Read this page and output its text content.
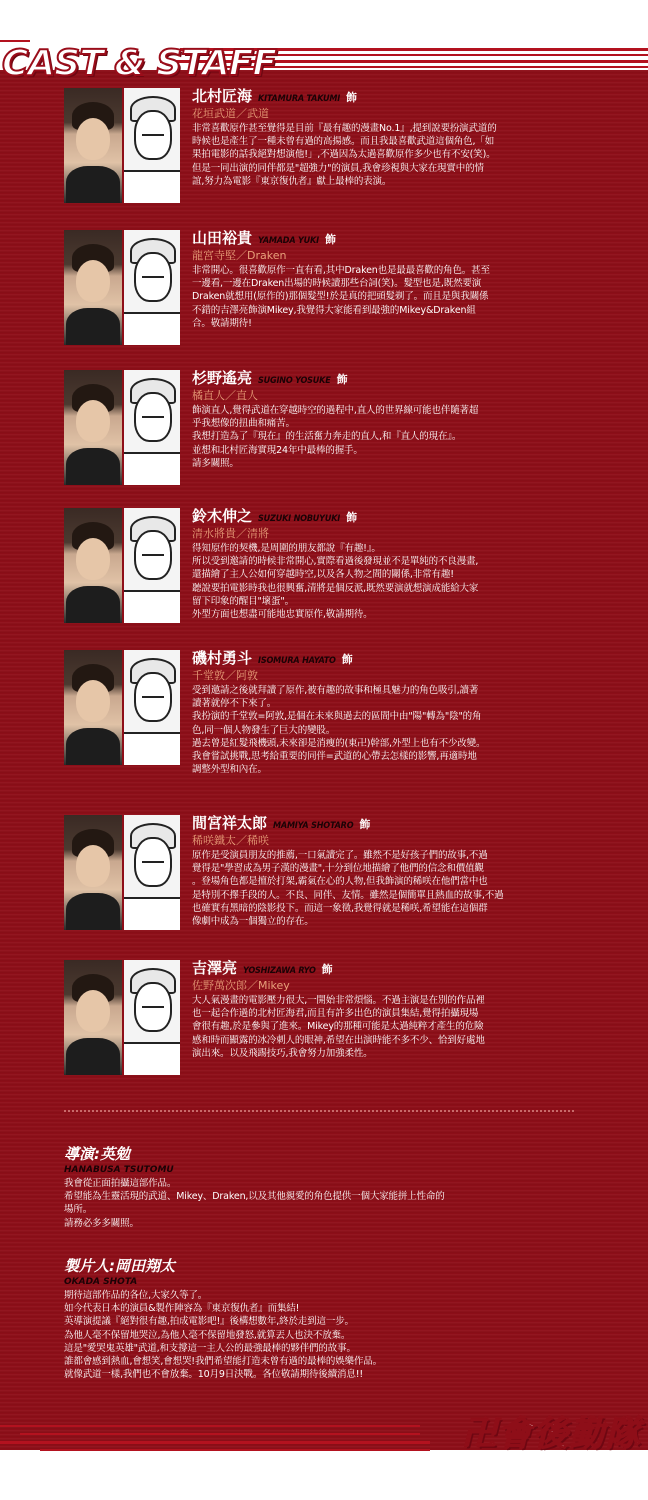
CAST & STAFF
北村匠海 KITAMURA TAKUMI 飾
花垣武道／武道

非常喜歡原作甚至覺得是目前『最有趣的漫畫No.1』,提到說要扮演武道的

時候也是產生了一種未曾有過的高揚感。而且我最喜歡武道這個角色,「如

果拍電影的話我絕對想演他!」,不過因為太過喜歡原作多少也有不安(笑)。

但是一同出演的同伴都是"超強力"的演員,我會珍視與大家在現實中的情

誼,努力為電影『東京復仇者』獻上最棒的表演。

山田裕貴 YAMADA YUKI 飾
龍宮寺堅／Draken

非常開心。很喜歡原作一直有看,其中Draken也是最最喜歡的角色。甚至

一邊看,一邊在Draken出場的時候讀那些台詞(笑)。髮型也是,既然要演

Draken就想用(原作的)那個髮型!於是真的把頭髮剃了。而且是與我關係

不錯的吉澤亮飾演Mikey,我覺得大家能看到最強的Mikey&Draken組

合。敬請期待!

杉野遙亮 SUGINO YOSUKE 飾
橘直人／直人

飾演直人,覺得武道在穿越時空的過程中,直人的世界線可能也伴隨著超

乎我想像的扭曲和痛苦。

我想打造為了『現在』的生活奮力奔走的直人,和『直人的現在』。

並想和北村匠海實現24年中最棒的握手。

請多關照。

鈴木伸之 SUZUKI NOBUYUKI 飾
清水將貴／清將

得知原作的契機,是周圍的朋友都說『有趣!』。

所以受到邀請的時候非常開心,實際看過後發現並不是單純的不良漫畫,

還描繪了主人公如何穿越時空,以及各人物之間的關係,非常有趣!

聽說要拍電影時我也很興奮,清將是個反派,既然要演就想演成能給大家

留下印象的醒目"壞蛋"。

外型方面也想盡可能地忠實原作,敬請期待。

磯村勇斗 ISOMURA HAYATO 飾
千堂敦／阿敦

受到邀請之後就拜讀了原作,被有趣的故事和極具魅力的角色吸引,讀著

讀著就停不下來了。

我扮演的千堂敦=阿敦,是個在未來與過去的區間中由"陽"轉為"陰"的角

色,同一個人物發生了巨大的變股。

過去曾是紅髮飛機頭,未來卻是消瘦的(東卍)幹部,外型上也有不少改變。

我會嘗試挑戰,思考給重要的同伴=武道的心帶去怎樣的影響,再適時地

調整外型和內在。

間宮祥太郎 MAMIYA SHOTARO 飾
稀咲鐵太／稀咲

原作是受演員朋友的推薦,一口氣讀完了。雖然不是好孩子們的故事,不過

覺得是"學習成為男子漢的漫畫",十分到位地描繪了他們的信念和價值觀

。登場角色都是擅於打架,霸氣在心的人物,但我飾演的稀咲在他們當中也

是特別不擇手段的人。不良、同伴、友情。雖然是個簡單且熱血的故事,不過

也確實有黑暗的陰影投下。而這一象徵,我覺得就是稀咲,希望能在這個群

像劇中成為一個獨立的存在。

吉澤亮 YOSHIZAWA RYO 飾
佐野萬次郎／Mikey

大人氣漫畫的電影壓力很大,一開始非常煩惱。不過主演是在別的作品裡

也一起合作過的北村匠海君,而且有許多出色的演員集結,覺得拍攝現場

會很有趣,於是參與了進來。Mikey的那種可能是太過純粹才產生的危險

感和時而顯露的冰冷刺人的眼神,希望在出演時能不多不少、恰到好處地

演出來。以及飛踢技巧,我會努力加強柔性。

導演:英勉
HANABUSA TSUTOMU

我會從正面拍攝這部作品。

希望能為生靈活現的武道、Mikey、Draken,以及其他親愛的角色提供一個大家能拼上性命的

場所。

請務必多多關照。

製片人:岡田翔太
OKADA SHOTA

期待這部作品的各位,大家久等了。

如今代表日本的演員&製作陣容為『東京復仇者』而集結!

英導演提議『絕對很有趣,拍成電影吧!』後構想數年,終於走到這一步。

為他人毫不保留地哭泣,為他人毫不保留地發怒,就算丟人也決不放棄。

這是"愛哭鬼英雄"武道,和支撐這一主人公的最強最棒的夥伴們的故事。

誰都會感到熱血,會想笑,會想哭!我們希望能打造未曾有過的最棒的娛樂作品。

就像武道一樣,我們也不會放棄。10月9日決戰。各位敬請期待後續消息!!

卍會後勤隊
